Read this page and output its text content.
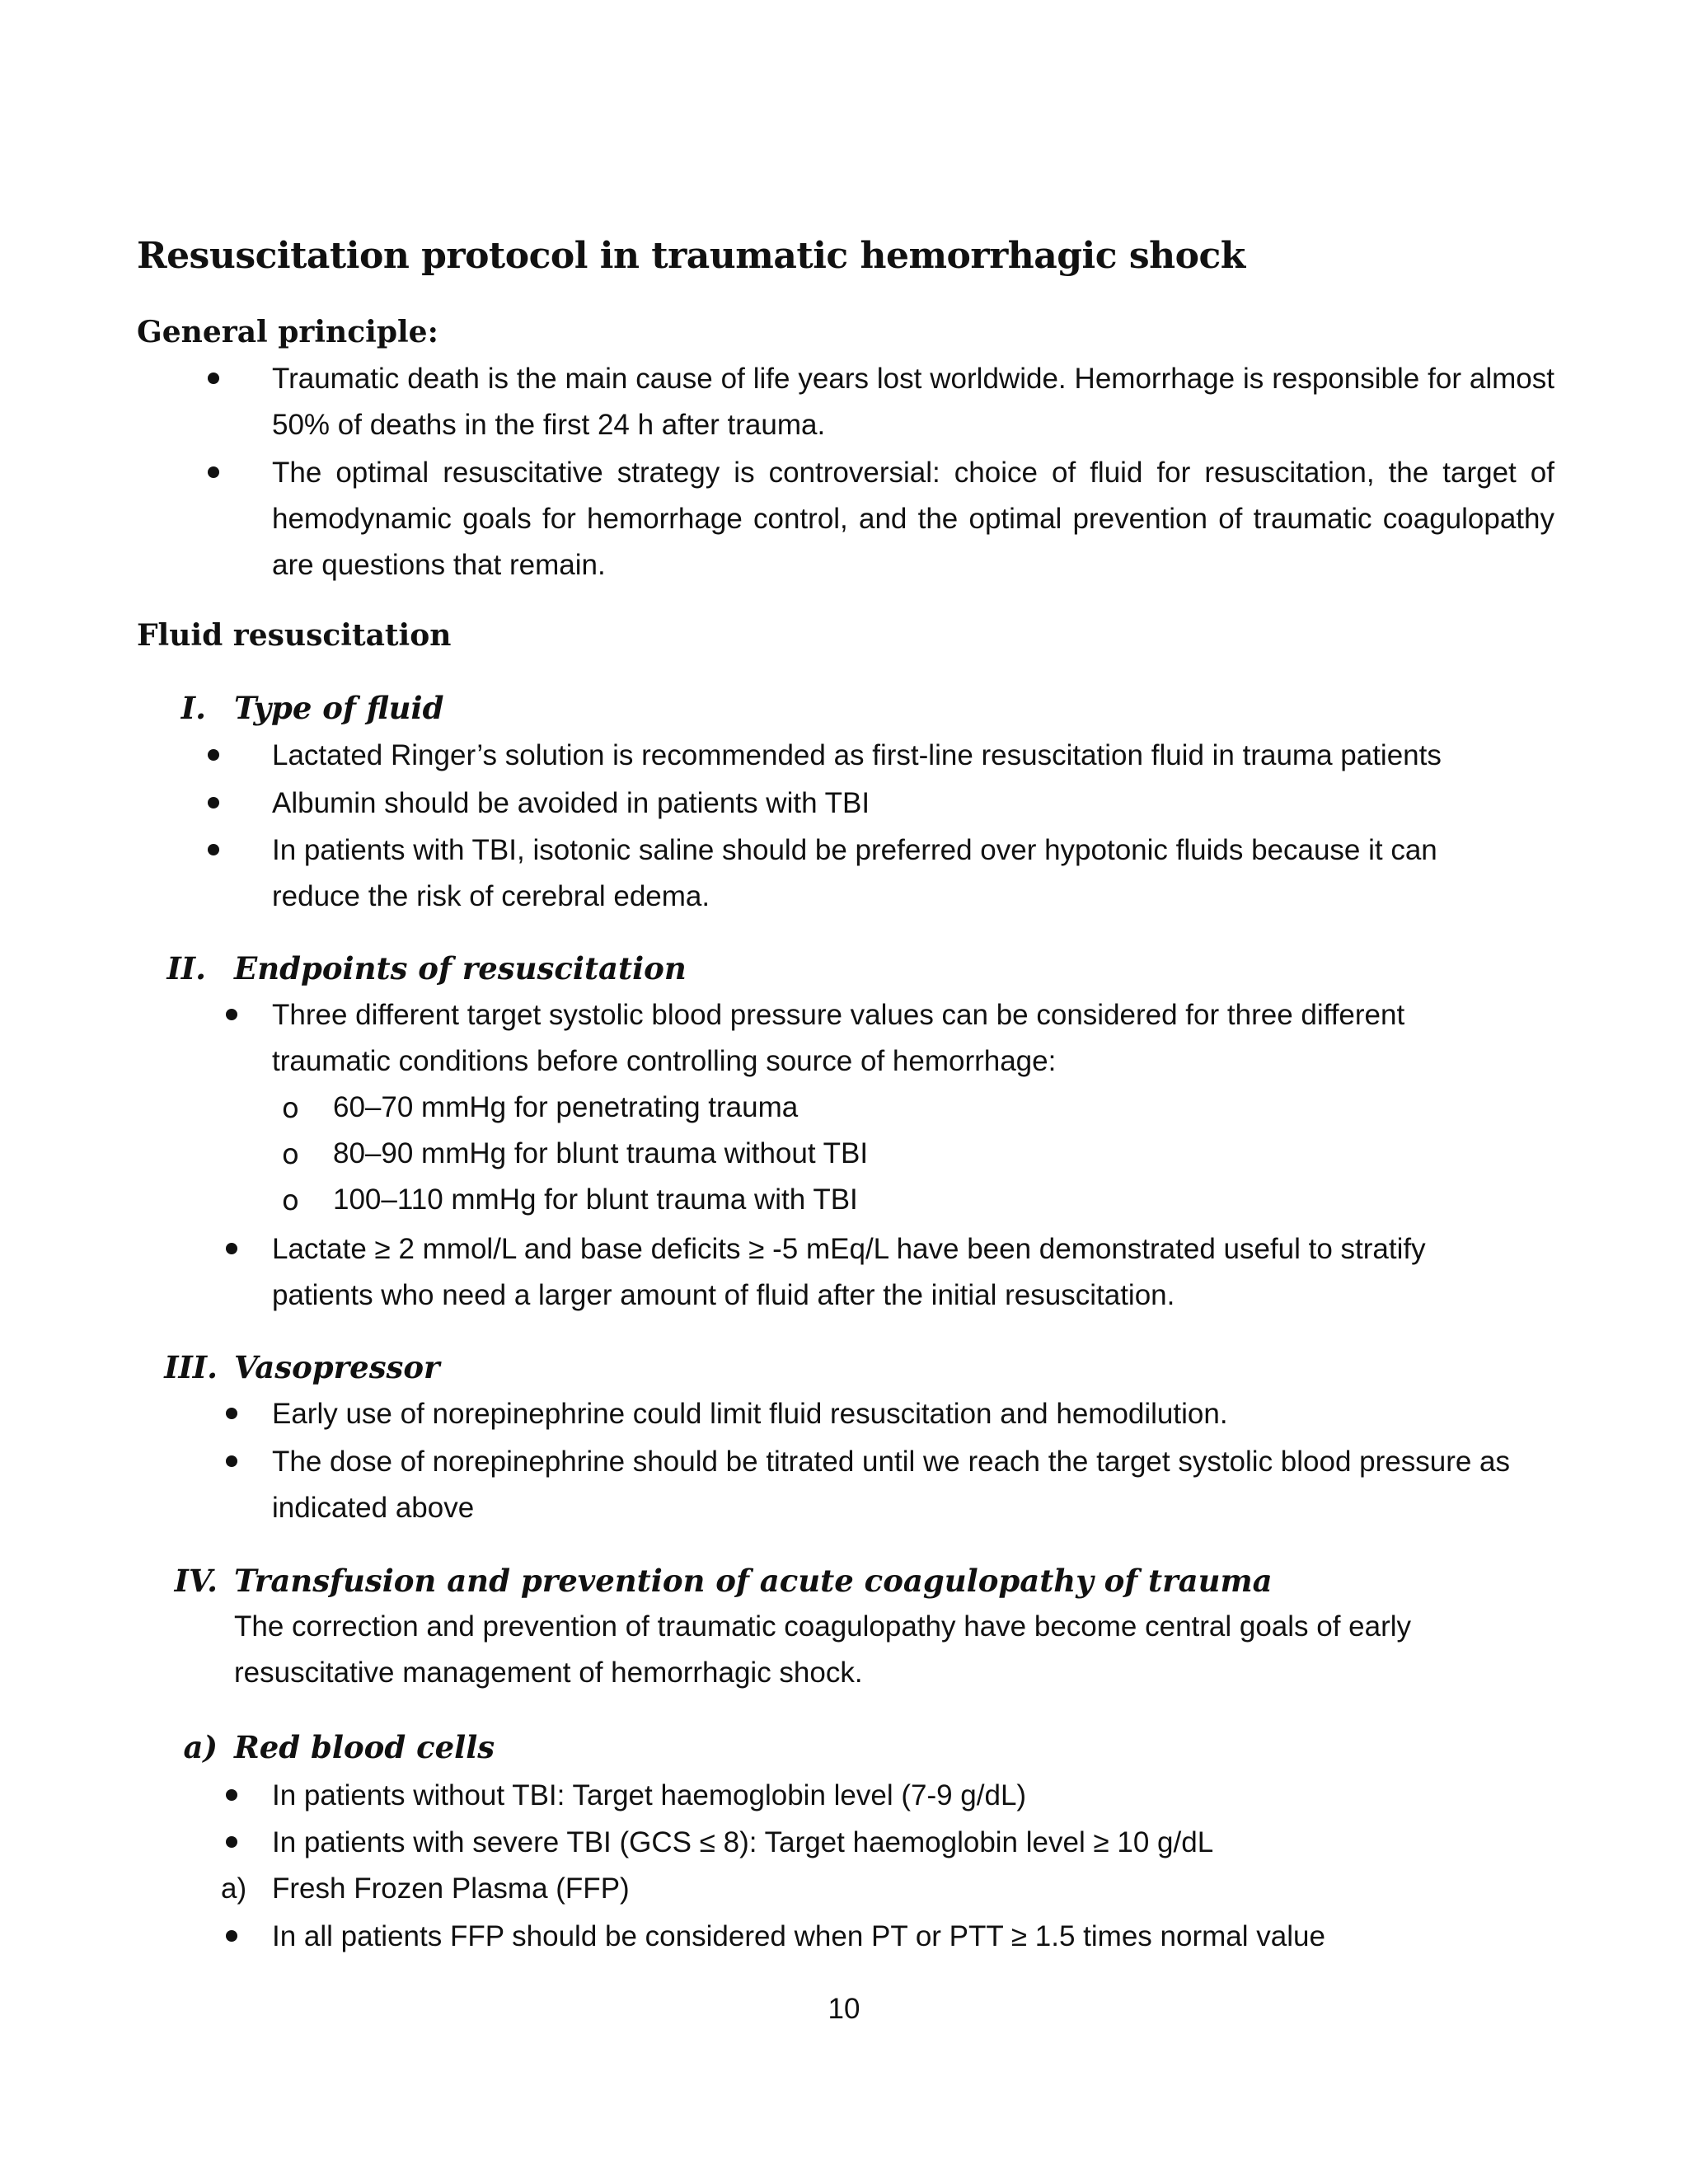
Resuscitation protocol in traumatic hemorrhagic shock
General principle:
Traumatic death is the main cause of life years lost worldwide. Hemorrhage is responsible for almost 50% of deaths in the first 24 h after trauma.
The optimal resuscitative strategy is controversial: choice of fluid for resuscitation, the target of hemodynamic goals for hemorrhage control, and the optimal prevention of traumatic coagulopathy are questions that remain.
Fluid resuscitation
I. Type of fluid
Lactated Ringer’s solution is recommended as first-line resuscitation fluid in trauma patients
Albumin should be avoided in patients with TBI
In patients with TBI, isotonic saline should be preferred over hypotonic fluids because it can reduce the risk of cerebral edema.
II. Endpoints of resuscitation
Three different target systolic blood pressure values can be considered for three different traumatic conditions before controlling source of hemorrhage:
o 60–70 mmHg for penetrating trauma
o 80–90 mmHg for blunt trauma without TBI
o 100–110 mmHg for blunt trauma with TBI
Lactate ≥ 2 mmol/L and base deficits ≥ -5 mEq/L have been demonstrated useful to stratify patients who need a larger amount of fluid after the initial resuscitation.
III. Vasopressor
Early use of norepinephrine could limit fluid resuscitation and hemodilution.
The dose of norepinephrine should be titrated until we reach the target systolic blood pressure as indicated above
IV. Transfusion and prevention of acute coagulopathy of trauma
The correction and prevention of traumatic coagulopathy have become central goals of early resuscitative management of hemorrhagic shock.
a) Red blood cells
In patients without TBI: Target haemoglobin level (7-9 g/dL)
In patients with severe TBI (GCS ≤ 8): Target haemoglobin level ≥ 10 g/dL
a) Fresh Frozen Plasma (FFP)
In all patients FFP should be considered when PT or PTT ≥ 1.5 times normal value
10
